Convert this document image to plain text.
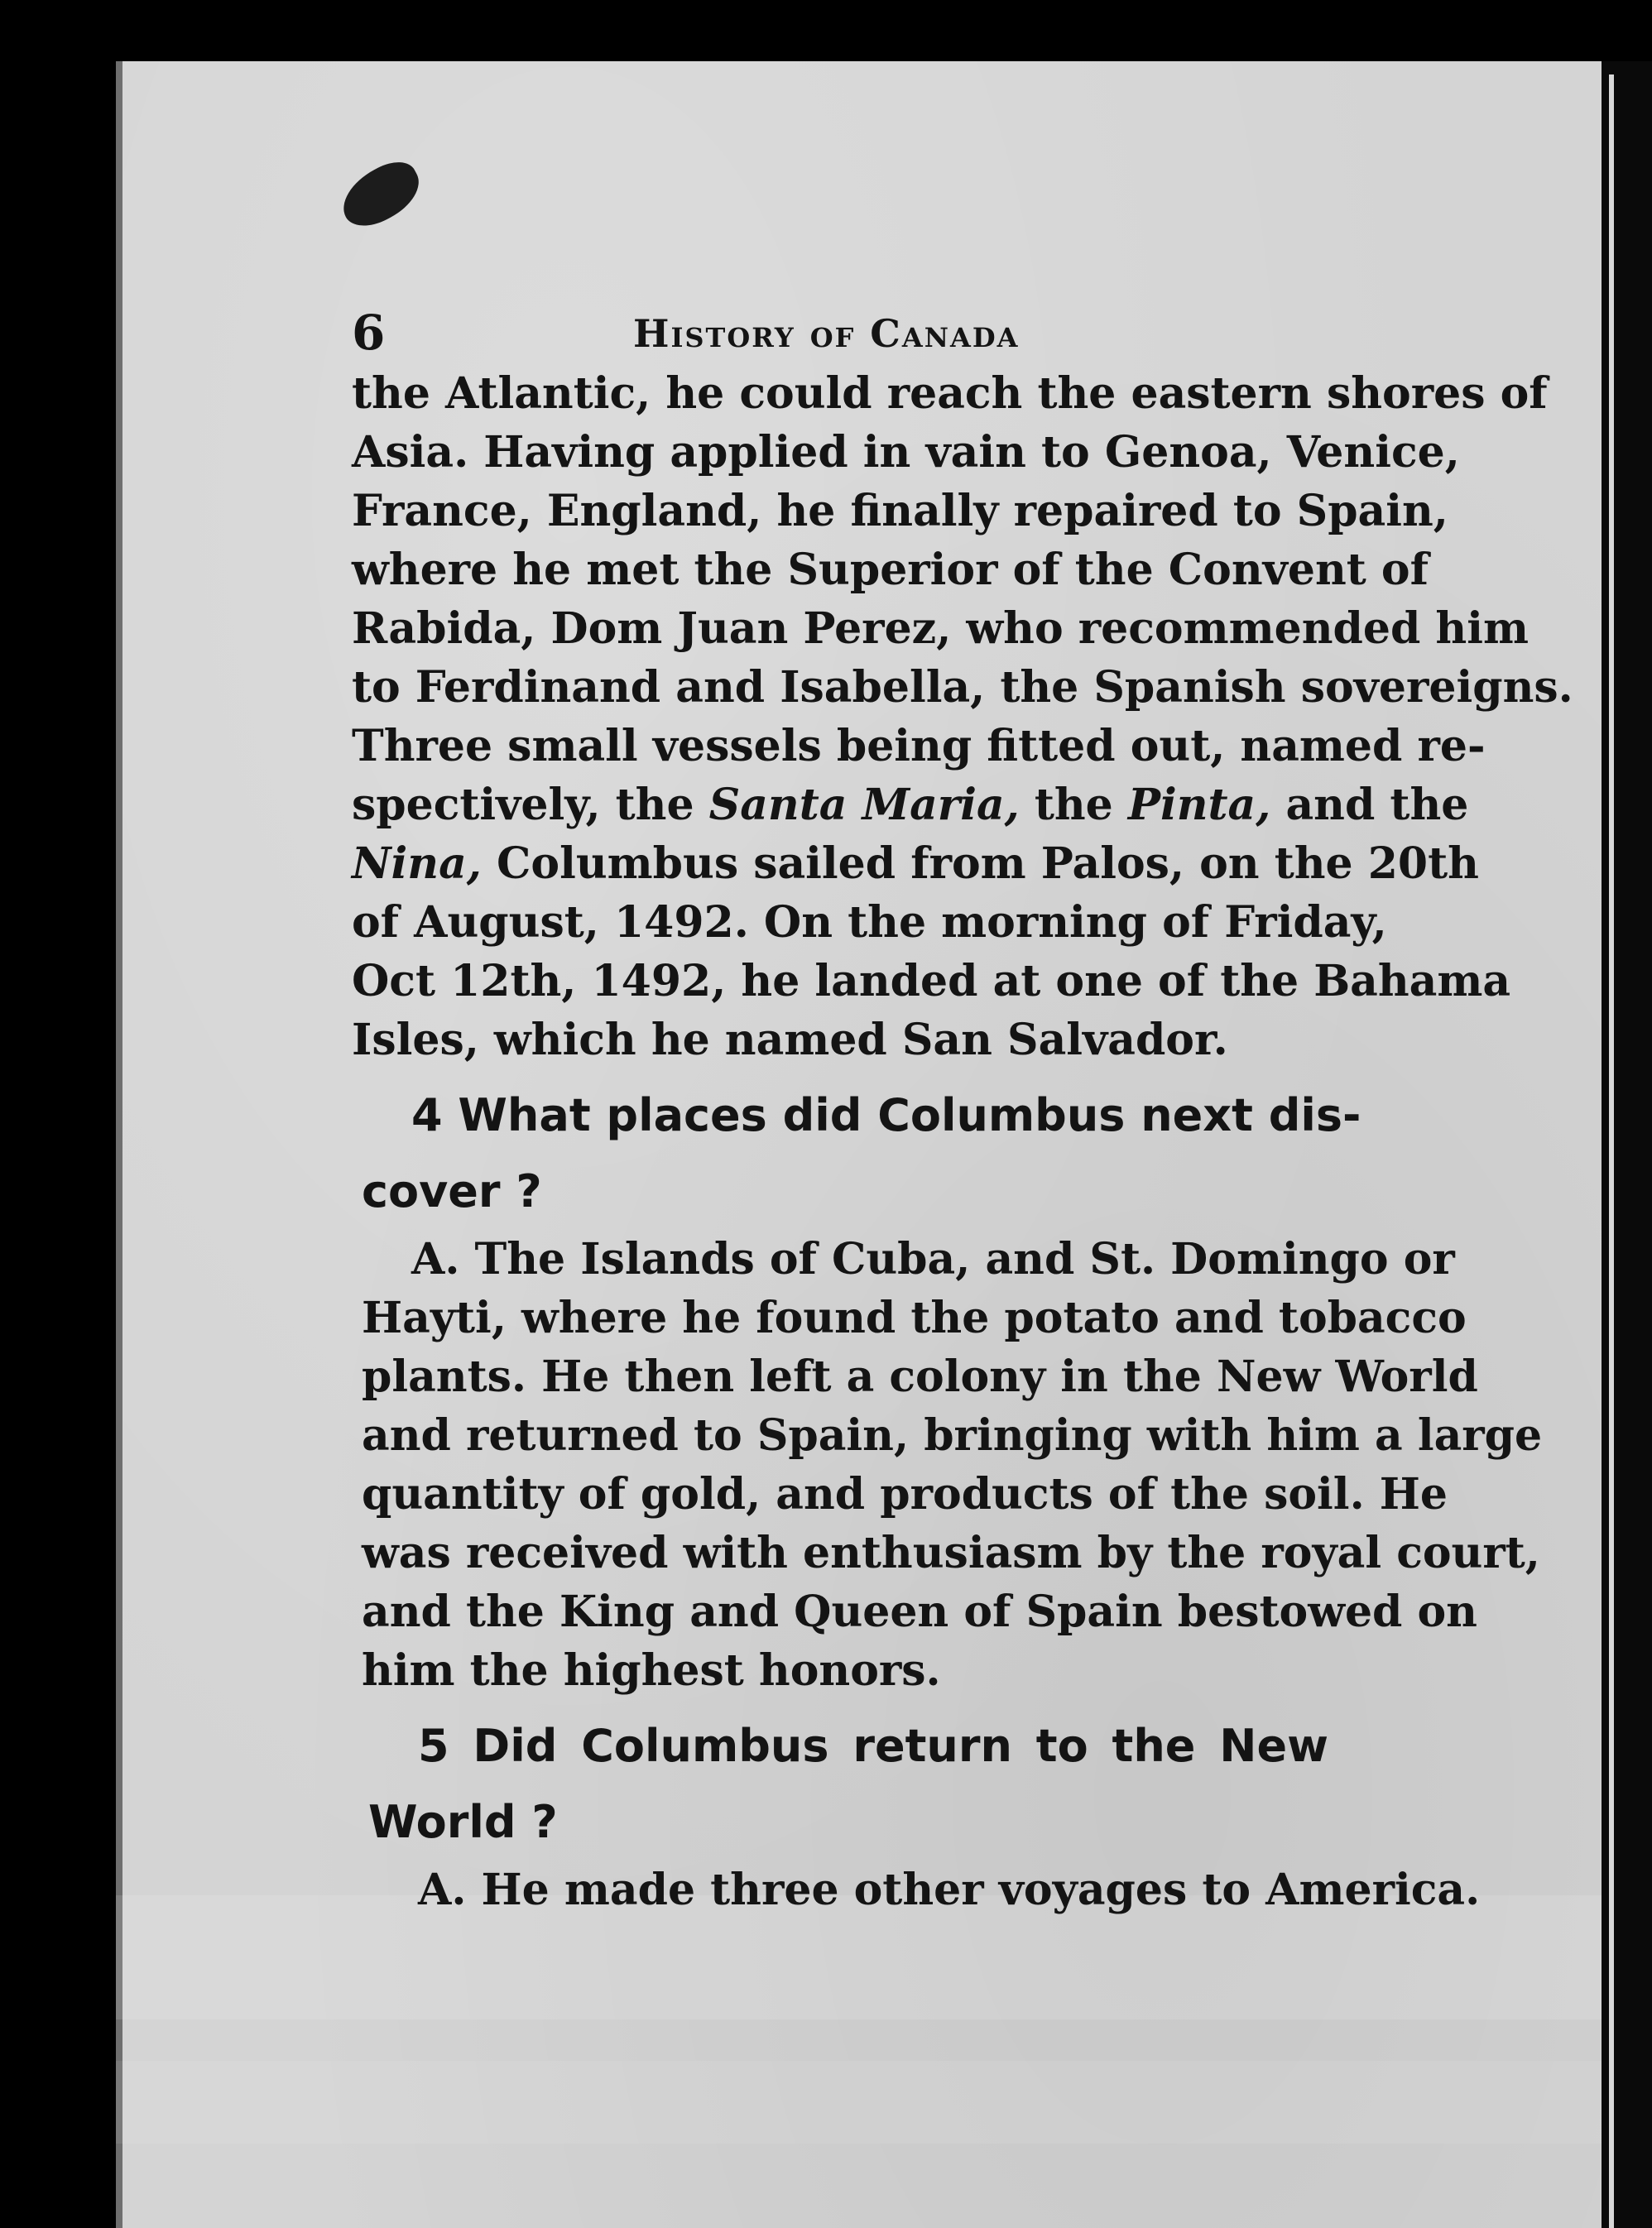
6	History of Canada
the Atlantic, he could reach the eastern shores of
Asia. Having applied in vain to Genoa, Venice,
France, England, he finally repaired to Spain,
where he met the Superior of the Convent of
Rabida, Dom Juan Perez, who recommended him
to Ferdinand and Isabella, the Spanish sovereigns.
Three small vessels being fitted out, named re-
spectively, the Santa Maria, the Pinta, and the
Nina, Columbus sailed from Palos, on the 20th
of August, 1492. On the morning of Friday,
Oct 12th, 1492, he landed at one of the Bahama
Isles, which he named San Salvador.
4 What places did Columbus next dis-
cover ?
A. The Islands of Cuba, and St. Domingo or
Hayti, where he found the potato and tobacco
plants. He then left a colony in the New World
and returned to Spain, bringing with him a large
quantity of gold, and products of the soil. He
was received with enthusiasm by the royal court,
and the King and Queen of Spain bestowed on
him the highest honors.
5 Did Columbus return to the New
World ?
A. He made three other voyages to America.
